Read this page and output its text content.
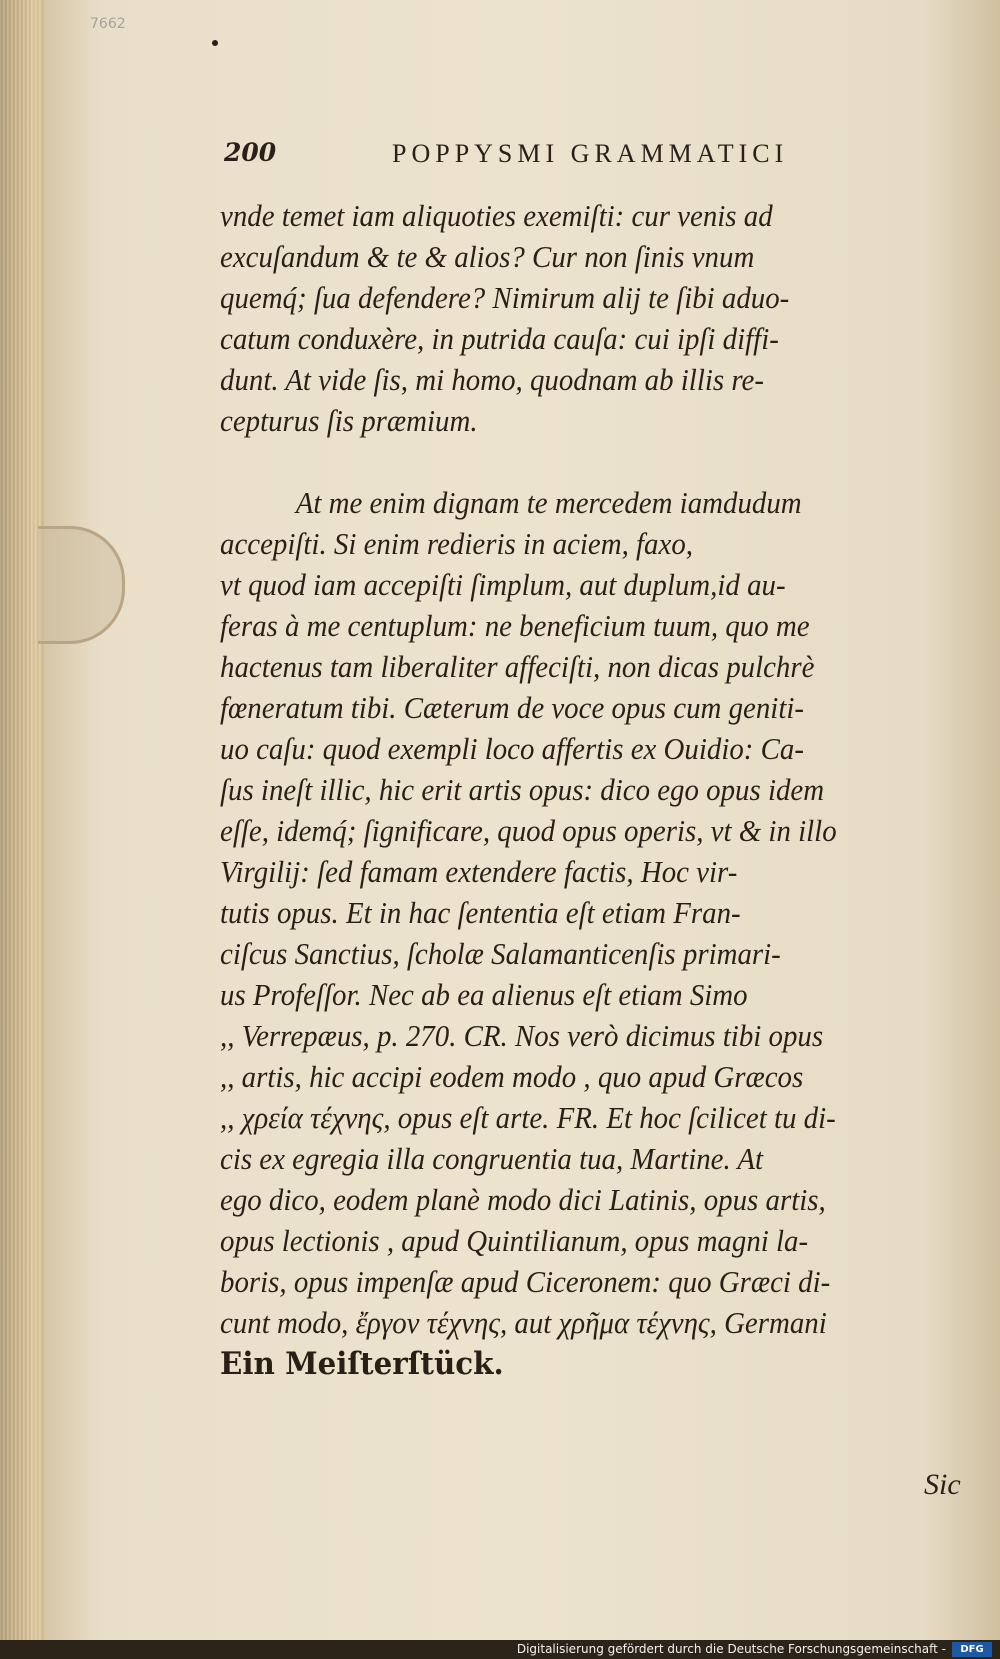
7662
200	POPPYSMI GRAMMATICI
vnde temet iam aliquoties exemiſti: cur venis ad
excuſandum & te & alios? Cur non ſinis vnum
quemq́; ſua defendere? Nimirum alij te ſibi aduo-
catum conduxère, in putrida cauſa: cui ipſi diffi-
dunt. At vide ſis, mi homo, quodnam ab illis re-
cepturus ſis præmium.
At me enim dignam te mercedem iamdudum
accepiſti. Si enim redieris in aciem, faxo,
vt quod iam accepiſti ſimplum, aut duplum,id au-
feras à me centuplum: ne beneficium tuum, quo me
hactenus tam liberaliter affeciſti, non dicas pulchrè
fœneratum tibi. Cæterum de voce opus cum geniti-
uo caſu: quod exempli loco affertis ex Ouidio: Ca-
ſus ineſt illic, hic erit artis opus: dico ego opus idem
eſſe, idemq́; ſignificare, quod opus operis, vt & in illo
Virgilij: ſed famam extendere factis, Hoc vir-
tutis opus. Et in hac ſententia eſt etiam Fran-
ciſcus Sanctius, ſcholæ Salamanticenſis primari-
us Profeſſor. Nec ab ea alienus eſt etiam Simo
,, Verrepæus, p. 270. CR. Nos verò dicimus tibi opus
,, artis, hic accipi eodem modo , quo apud Græcos
,, χρεία τέχνης, opus eſt arte. FR. Et hoc ſcilicet tu di-
cis ex egregia illa congruentia tua, Martine. At
ego dico, eodem planè modo dici Latinis, opus artis,
opus lectionis , apud Quintilianum, opus magni la-
boris, opus impenſæ apud Ciceronem: quo Græci di-
cunt modo, ἔργον τέχνης, aut χρῆμα τέχνης, Germani
Ein Meiſterſtück.
Sic
Digitalisierung gefördert durch die Deutsche Forschungsgemeinschaft -	DFG
